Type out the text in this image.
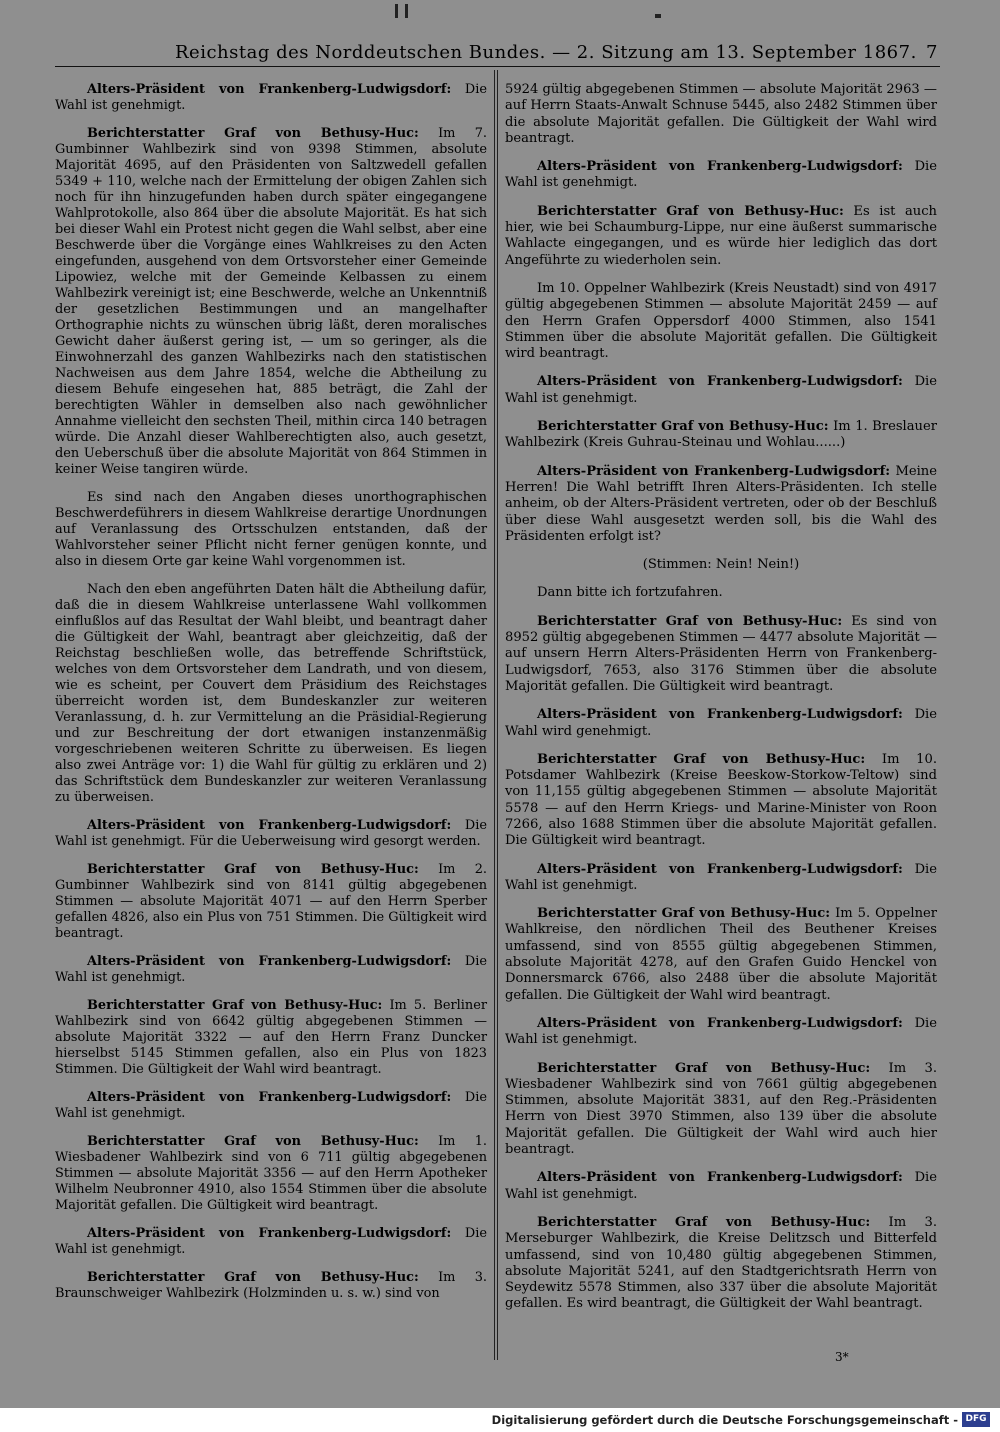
Reichstag des Norddeutschen Bundes. — 2. Sitzung am 13. September 1867. 7

Alters-Präsident von Frankenberg-Ludwigsdorf: Die Wahl ist genehmigt.

Berichterstatter Graf von Bethusy-Huc: Im 7. Gumbinner Wahlbezirk sind von 9398 Stimmen, absolute Majorität 4695, auf den Präsidenten von Saltzwedell gefallen 5349 + 110, welche nach der Ermittelung der obigen Zahlen sich noch für ihn hinzugefunden haben durch später eingegangene Wahlprotokolle, also 864 über die absolute Majorität. Es hat sich bei dieser Wahl ein Protest nicht gegen die Wahl selbst, aber eine Beschwerde über die Vorgänge eines Wahlkreises zu den Acten eingefunden, ausgehend von dem Ortsvorsteher einer Gemeinde Lipowiez, welche mit der Gemeinde Kelbassen zu einem Wahlbezirk vereinigt ist; eine Beschwerde, welche an Unkenntniß der gesetzlichen Bestimmungen und an mangelhafter Orthographie nichts zu wünschen übrig läßt, deren moralisches Gewicht daher äußerst gering ist, — um so geringer, als die Einwohnerzahl des ganzen Wahlbezirks nach den statistischen Nachweisen aus dem Jahre 1854, welche die Abtheilung zu diesem Behufe eingesehen hat, 885 beträgt, die Zahl der berechtigten Wähler in demselben also nach gewöhnlicher Annahme vielleicht den sechsten Theil, mithin circa 140 betragen würde. Die Anzahl dieser Wahlberechtigten also, auch gesetzt, den Ueberschuß über die absolute Majorität von 864 Stimmen in keiner Weise tangiren würde.

Es sind nach den Angaben dieses unorthographischen Beschwerdeführers in diesem Wahlkreise derartige Unordnungen auf Veranlassung des Ortsschulzen entstanden, daß der Wahlvorsteher seiner Pflicht nicht ferner genügen konnte, und also in diesem Orte gar keine Wahl vorgenommen ist.

Nach den eben angeführten Daten hält die Abtheilung dafür, daß die in diesem Wahlkreise unterlassene Wahl vollkommen einflußlos auf das Resultat der Wahl bleibt, und beantragt daher die Gültigkeit der Wahl, beantragt aber gleichzeitig, daß der Reichstag beschließen wolle, das betreffende Schriftstück, welches von dem Ortsvorsteher dem Landrath, und von diesem, wie es scheint, per Couvert dem Präsidium des Reichstages überreicht worden ist, dem Bundeskanzler zur weiteren Veranlassung, d. h. zur Vermittelung an die Präsidial-Regierung und zur Beschreitung der dort etwanigen instanzenmäßig vorgeschriebenen weiteren Schritte zu überweisen. Es liegen also zwei Anträge vor: 1) die Wahl für gültig zu erklären und 2) das Schriftstück dem Bundeskanzler zur weiteren Veranlassung zu überweisen.

Alters-Präsident von Frankenberg-Ludwigsdorf: Die Wahl ist genehmigt. Für die Ueberweisung wird gesorgt werden.

Berichterstatter Graf von Bethusy-Huc: Im 2. Gumbinner Wahlbezirk sind von 8141 gültig abgegebenen Stimmen — absolute Majorität 4071 — auf den Herrn Sperber gefallen 4826, also ein Plus von 751 Stimmen. Die Gültigkeit wird beantragt.

Alters-Präsident von Frankenberg-Ludwigsdorf: Die Wahl ist genehmigt.

Berichterstatter Graf von Bethusy-Huc: Im 5. Berliner Wahlbezirk sind von 6642 gültig abgegebenen Stimmen — absolute Majorität 3322 — auf den Herrn Franz Duncker hierselbst 5145 Stimmen gefallen, also ein Plus von 1823 Stimmen. Die Gültigkeit der Wahl wird beantragt.

Alters-Präsident von Frankenberg-Ludwigsdorf: Die Wahl ist genehmigt.

Berichterstatter Graf von Bethusy-Huc: Im 1. Wiesbadener Wahlbezirk sind von 6 711 gültig abgegebenen Stimmen — absolute Majorität 3356 — auf den Herrn Apotheker Wilhelm Neubronner 4910, also 1554 Stimmen über die absolute Majorität gefallen. Die Gültigkeit wird beantragt.

Alters-Präsident von Frankenberg-Ludwigsdorf: Die Wahl ist genehmigt.

Berichterstatter Graf von Bethusy-Huc: Im 3. Braunschweiger Wahlbezirk (Holzminden u. s. w.) sind von

5924 gültig abgegebenen Stimmen — absolute Majorität 2963 — auf Herrn Staats-Anwalt Schnuse 5445, also 2482 Stimmen über die absolute Majorität gefallen. Die Gültigkeit der Wahl wird beantragt.

Alters-Präsident von Frankenberg-Ludwigsdorf: Die Wahl ist genehmigt.

Berichterstatter Graf von Bethusy-Huc: Es ist auch hier, wie bei Schaumburg-Lippe, nur eine äußerst summarische Wahlacte eingegangen, und es würde hier lediglich das dort Angeführte zu wiederholen sein.

Im 10. Oppelner Wahlbezirk (Kreis Neustadt) sind von 4917 gültig abgegebenen Stimmen — absolute Majorität 2459 — auf den Herrn Grafen Oppersdorf 4000 Stimmen, also 1541 Stimmen über die absolute Majorität gefallen. Die Gültigkeit wird beantragt.

Alters-Präsident von Frankenberg-Ludwigsdorf: Die Wahl ist genehmigt.

Berichterstatter Graf von Bethusy-Huc: Im 1. Breslauer Wahlbezirk (Kreis Guhrau-Steinau und Wohlau......)

Alters-Präsident von Frankenberg-Ludwigsdorf: Meine Herren! Die Wahl betrifft Ihren Alters-Präsidenten. Ich stelle anheim, ob der Alters-Präsident vertreten, oder ob der Beschluß über diese Wahl ausgesetzt werden soll, bis die Wahl des Präsidenten erfolgt ist?

(Stimmen: Nein! Nein!)

Dann bitte ich fortzufahren.

Berichterstatter Graf von Bethusy-Huc: Es sind von 8952 gültig abgegebenen Stimmen — 4477 absolute Majorität — auf unsern Herrn Alters-Präsidenten Herrn von Frankenberg-Ludwigsdorf, 7653, also 3176 Stimmen über die absolute Majorität gefallen. Die Gültigkeit wird beantragt.

Alters-Präsident von Frankenberg-Ludwigsdorf: Die Wahl wird genehmigt.

Berichterstatter Graf von Bethusy-Huc: Im 10. Potsdamer Wahlbezirk (Kreise Beeskow-Storkow-Teltow) sind von 11,155 gültig abgegebenen Stimmen — absolute Majorität 5578 — auf den Herrn Kriegs- und Marine-Minister von Roon 7266, also 1688 Stimmen über die absolute Majorität gefallen. Die Gültigkeit wird beantragt.

Alters-Präsident von Frankenberg-Ludwigsdorf: Die Wahl ist genehmigt.

Berichterstatter Graf von Bethusy-Huc: Im 5. Oppelner Wahlkreise, den nördlichen Theil des Beuthener Kreises umfassend, sind von 8555 gültig abgegebenen Stimmen, absolute Majorität 4278, auf den Grafen Guido Henckel von Donnersmarck 6766, also 2488 über die absolute Majorität gefallen. Die Gültigkeit der Wahl wird beantragt.

Alters-Präsident von Frankenberg-Ludwigsdorf: Die Wahl ist genehmigt.

Berichterstatter Graf von Bethusy-Huc: Im 3. Wiesbadener Wahlbezirk sind von 7661 gültig abgegebenen Stimmen, absolute Majorität 3831, auf den Reg.-Präsidenten Herrn von Diest 3970 Stimmen, also 139 über die absolute Majorität gefallen. Die Gültigkeit der Wahl wird auch hier beantragt.

Alters-Präsident von Frankenberg-Ludwigsdorf: Die Wahl ist genehmigt.

Berichterstatter Graf von Bethusy-Huc: Im 3. Merseburger Wahlbezirk, die Kreise Delitzsch und Bitterfeld umfassend, sind von 10,480 gültig abgegebenen Stimmen, absolute Majorität 5241, auf den Stadtgerichtsrath Herrn von Seydewitz 5578 Stimmen, also 337 über die absolute Majorität gefallen. Es wird beantragt, die Gültigkeit der Wahl beantragt.

3*
Digitalisierung gefördert durch die Deutsche Forschungsgemeinschaft - DFG
